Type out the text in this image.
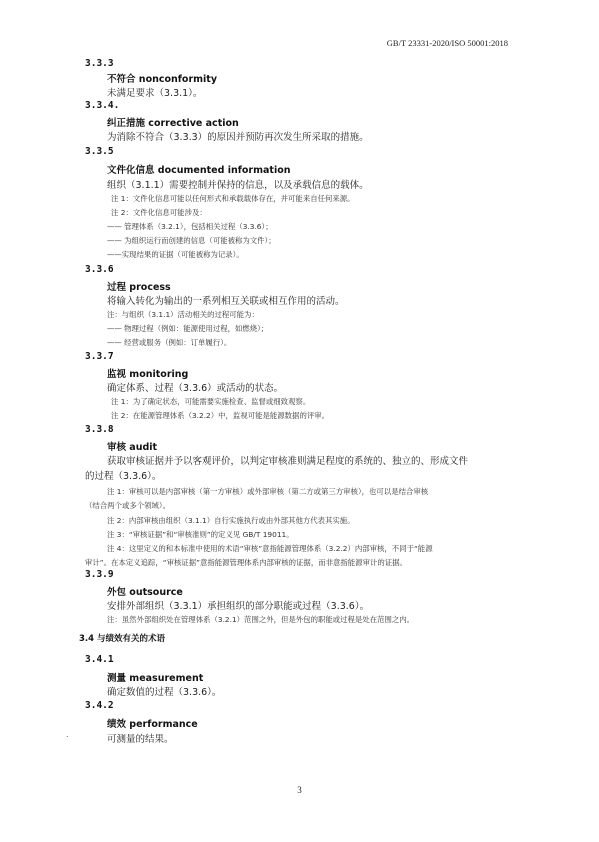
GB/T 23331-2020/ISO 50001:2018
3.3.3
不符合 nonconformity
未满足要求（3.3.1）。
3.3.4.
纠正措施 corrective action
为消除不符合（3.3.3）的原因并预防再次发生所采取的措施。
3.3.5
文件化信息 documented information
组织（3.1.1）需要控制并保持的信息，以及承载信息的载体。
注 1：文件化信息可能以任何形式和承载载体存在，并可能来自任何来源。
注 2：文件化信息可能涉及：
—— 管理体系（3.2.1），包括相关过程（3.3.6）；
—— 为组织运行而创建的信息（可能被称为文件）；
——实现结果的证据（可能被称为记录）。
3.3.6
过程 process
将输入转化为输出的一系列相互关联或相互作用的活动。
注：与组织（3.1.1）活动相关的过程可能为：
—— 物理过程（例如：能源使用过程，如燃烧）；
—— 经营或服务（例如：订单履行）。
3.3.7
监视 monitoring
确定体系、过程（3.3.6）或活动的状态。
注 1：为了确定状态，可能需要实施检查、监督或细致观察。
注 2：在能源管理体系（3.2.2）中，监视可能是能源数据的评审。
3.3.8
审核 audit
获取审核证据并予以客观评价，以判定审核准则满足程度的系统的、独立的、形成文件
的过程（3.3.6）。
注 1：审核可以是内部审核（第一方审核）或外部审核（第二方或第三方审核），也可以是结合审核
（结合两个或多个领域）。
注 2：内部审核由组织（3.1.1）自行实施执行或由外部其他方代表其实施。
注 3：“审核证据”和“审核准则”的定义见 GB/T 19011。
注 4：这里定义的和本标准中使用的术语“审核”意指能源管理体系（3.2.2）内部审核，不同于“能源
审计”。在本定义追踪，“审核证据”意指能源管理体系内部审核的证据，而非意指能源审计的证据。
3.3.9
外包 outsource
安排外部组织（3.3.1）承担组织的部分职能或过程（3.3.6）。
注：虽然外部组织处在管理体系（3.2.1）范围之外，但是外包的职能或过程是处在范围之内。
3.4 与绩效有关的术语
3.4.1
测量 measurement
确定数值的过程（3.3.6）。
3.4.2
绩效 performance
可测量的结果。
.
3
